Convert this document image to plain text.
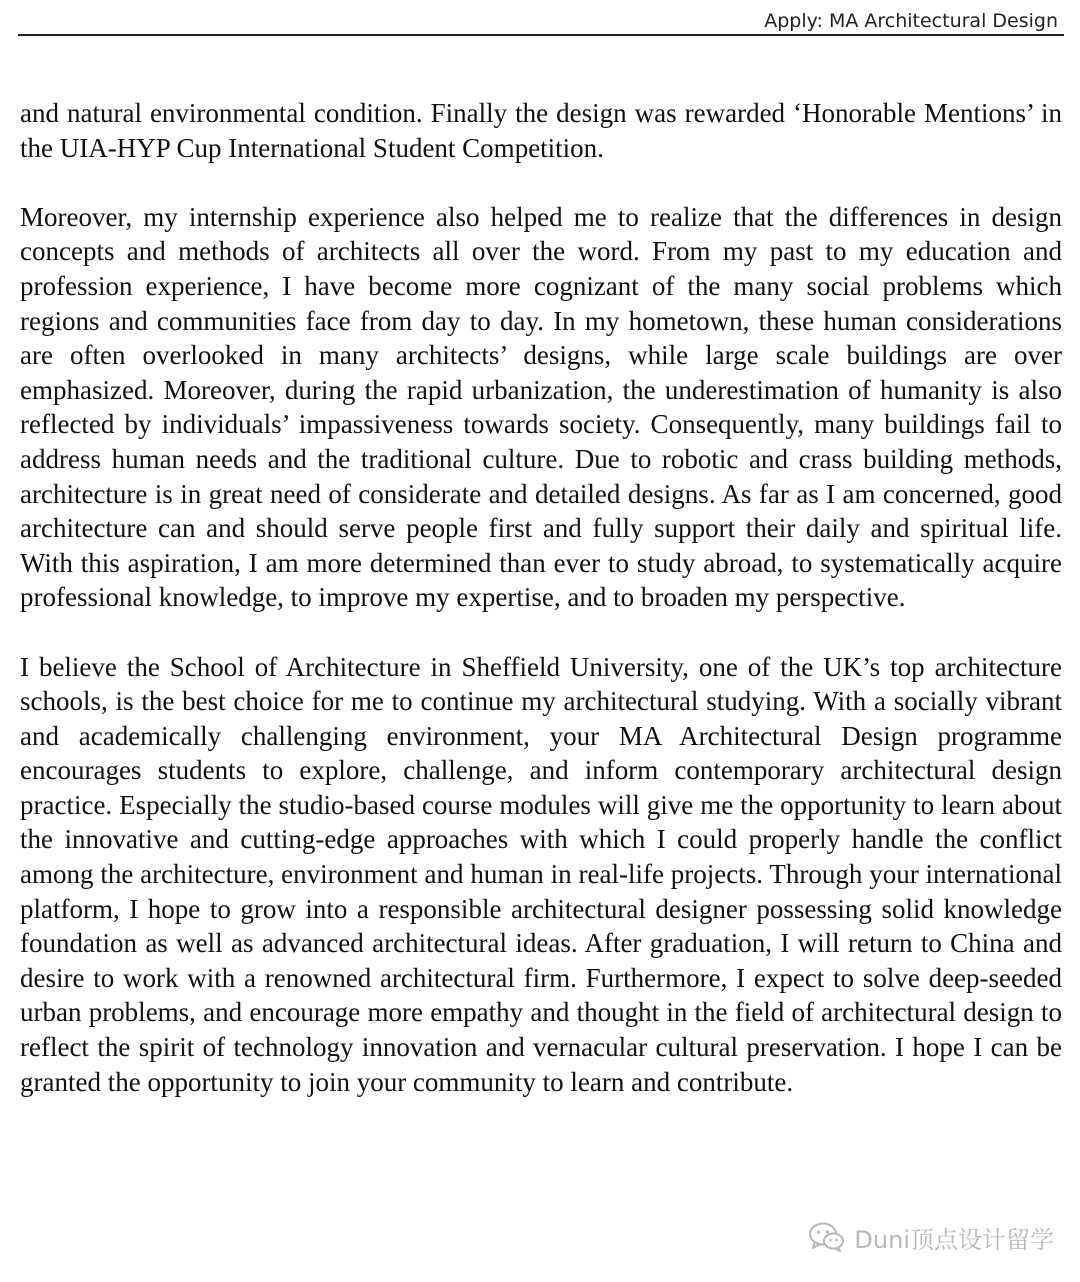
Apply: MA Architectural Design

and natural environmental condition. Finally the design was rewarded ‘Honorable Mentions’ in the UIA-HYP Cup International Student Competition.

Moreover, my internship experience also helped me to realize that the differences in design concepts and methods of architects all over the word. From my past to my education and profession experience, I have become more cognizant of the many social problems which regions and communities face from day to day. In my hometown, these human considerations are often overlooked in many architects’ designs, while large scale buildings are over emphasized. Moreover, during the rapid urbanization, the underestimation of humanity is also reflected by individuals’ impassiveness towards society. Consequently, many buildings fail to address human needs and the traditional culture. Due to robotic and crass building methods, architecture is in great need of considerate and detailed designs. As far as I am concerned, good architecture can and should serve people first and fully support their daily and spiritual life. With this aspiration, I am more determined than ever to study abroad, to systematically acquire professional knowledge, to improve my expertise, and to broaden my perspective.

I believe the School of Architecture in Sheffield University, one of the UK’s top architecture schools, is the best choice for me to continue my architectural studying. With a socially vibrant and academically challenging environment, your MA Architectural Design programme encourages students to explore, challenge, and inform contemporary architectural design practice. Especially the studio-based course modules will give me the opportunity to learn about the innovative and cutting-edge approaches with which I could properly handle the conflict among the architecture, environment and human in real-life projects. Through your international platform, I hope to grow into a responsible architectural designer possessing solid knowledge foundation as well as advanced architectural ideas. After graduation, I will return to China and desire to work with a renowned architectural firm. Furthermore, I expect to solve deep-seeded urban problems, and encourage more empathy and thought in the field of architectural design to reflect the spirit of technology innovation and vernacular cultural preservation. I hope I can be granted the opportunity to join your community to learn and contribute.

Duni顶点设计留学
